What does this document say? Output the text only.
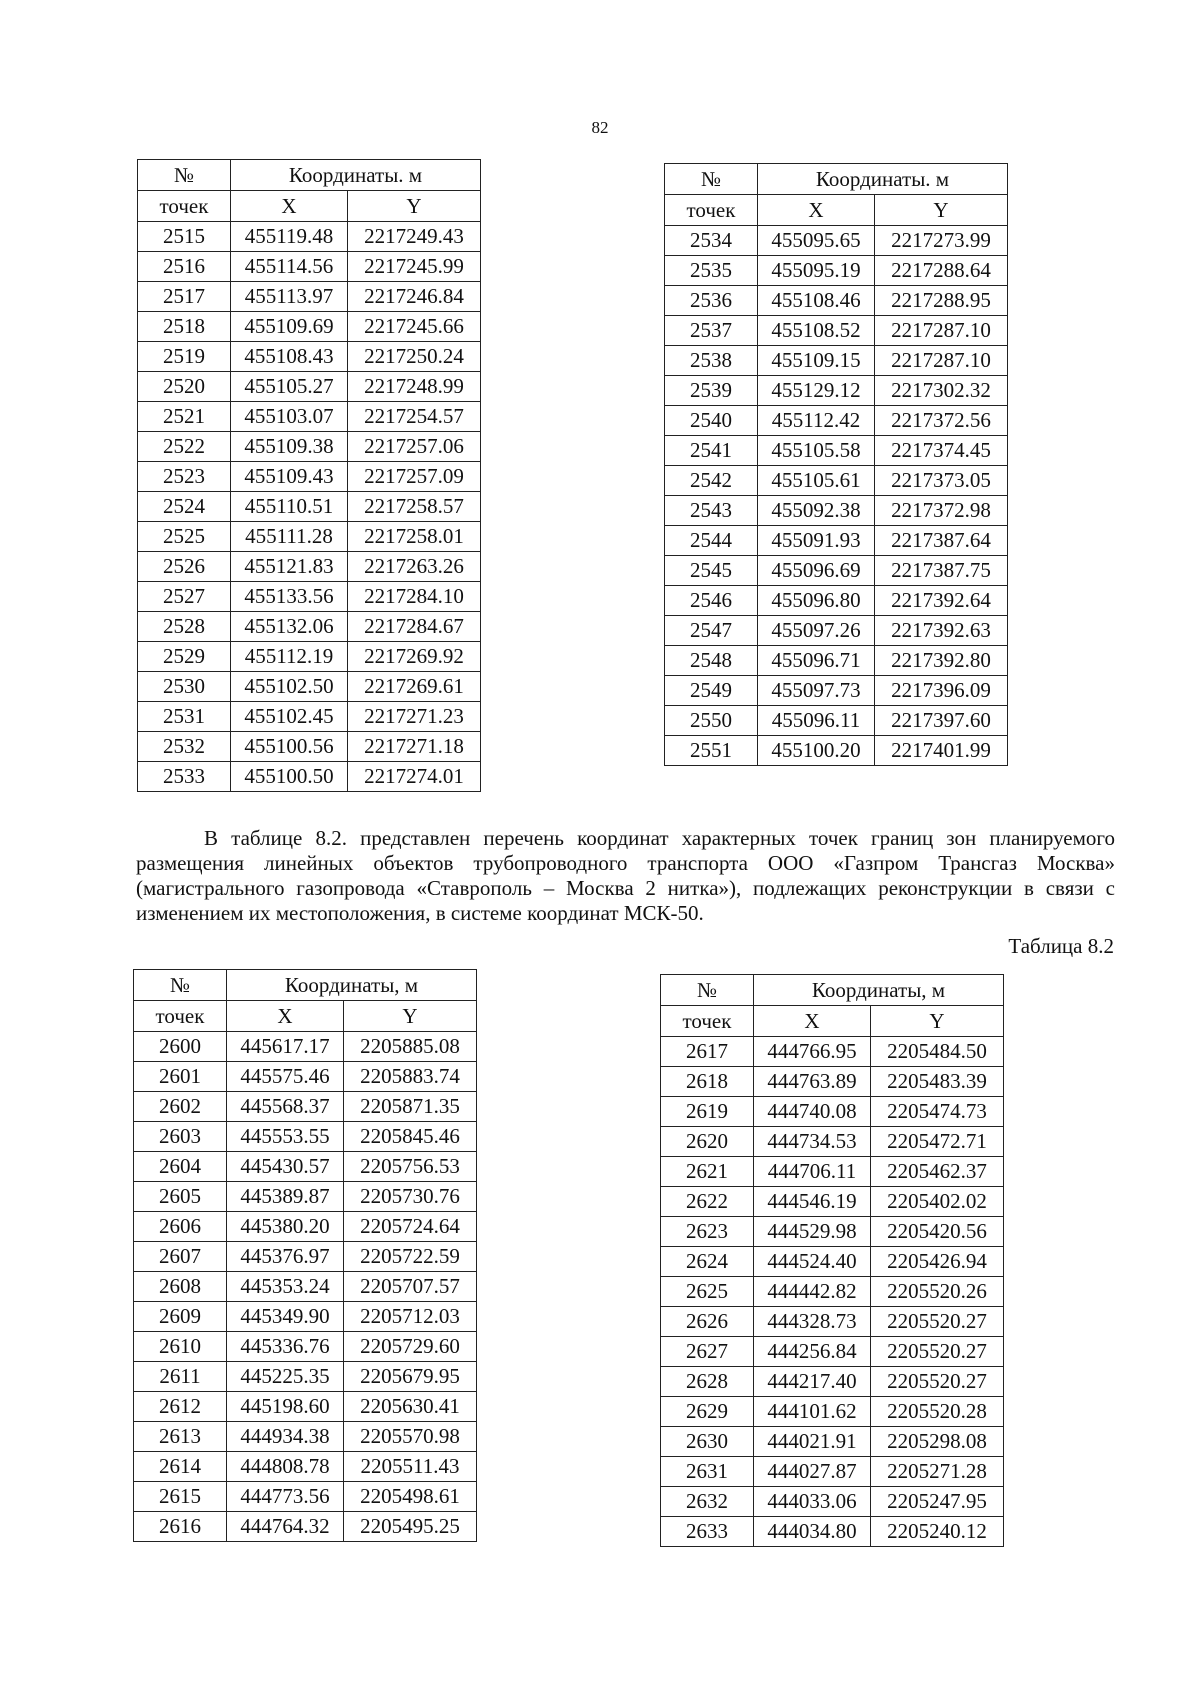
82
№	Координаты. м	
точек	X	Y
2515	455119.48	2217249.43
2516	455114.56	2217245.99
2517	455113.97	2217246.84
2518	455109.69	2217245.66
2519	455108.43	2217250.24
2520	455105.27	2217248.99
2521	455103.07	2217254.57
2522	455109.38	2217257.06
2523	455109.43	2217257.09
2524	455110.51	2217258.57
2525	455111.28	2217258.01
2526	455121.83	2217263.26
2527	455133.56	2217284.10
2528	455132.06	2217284.67
2529	455112.19	2217269.92
2530	455102.50	2217269.61
2531	455102.45	2217271.23
2532	455100.56	2217271.18
2533	455100.50	2217274.01
№	Координаты. м	
точек	X	Y
2534	455095.65	2217273.99
2535	455095.19	2217288.64
2536	455108.46	2217288.95
2537	455108.52	2217287.10
2538	455109.15	2217287.10
2539	455129.12	2217302.32
2540	455112.42	2217372.56
2541	455105.58	2217374.45
2542	455105.61	2217373.05
2543	455092.38	2217372.98
2544	455091.93	2217387.64
2545	455096.69	2217387.75
2546	455096.80	2217392.64
2547	455097.26	2217392.63
2548	455096.71	2217392.80
2549	455097.73	2217396.09
2550	455096.11	2217397.60
2551	455100.20	2217401.99

В таблице 8.2. представлен перечень координат характерных точек границ зон планируемого размещения линейных объектов трубопроводного транспорта ООО «Газпром Трансгаз Москва» (магистрального газопровода «Ставрополь – Москва 2 нитка»), подлежащих реконструкции в связи с изменением их местоположения, в системе координат МСК-50.

Таблица 8.2
№	Координаты, м	
точек	X	Y
2600	445617.17	2205885.08
2601	445575.46	2205883.74
2602	445568.37	2205871.35
2603	445553.55	2205845.46
2604	445430.57	2205756.53
2605	445389.87	2205730.76
2606	445380.20	2205724.64
2607	445376.97	2205722.59
2608	445353.24	2205707.57
2609	445349.90	2205712.03
2610	445336.76	2205729.60
2611	445225.35	2205679.95
2612	445198.60	2205630.41
2613	444934.38	2205570.98
2614	444808.78	2205511.43
2615	444773.56	2205498.61
2616	444764.32	2205495.25
№	Координаты, м	
точек	X	Y
2617	444766.95	2205484.50
2618	444763.89	2205483.39
2619	444740.08	2205474.73
2620	444734.53	2205472.71
2621	444706.11	2205462.37
2622	444546.19	2205402.02
2623	444529.98	2205420.56
2624	444524.40	2205426.94
2625	444442.82	2205520.26
2626	444328.73	2205520.27
2627	444256.84	2205520.27
2628	444217.40	2205520.27
2629	444101.62	2205520.28
2630	444021.91	2205298.08
2631	444027.87	2205271.28
2632	444033.06	2205247.95
2633	444034.80	2205240.12
